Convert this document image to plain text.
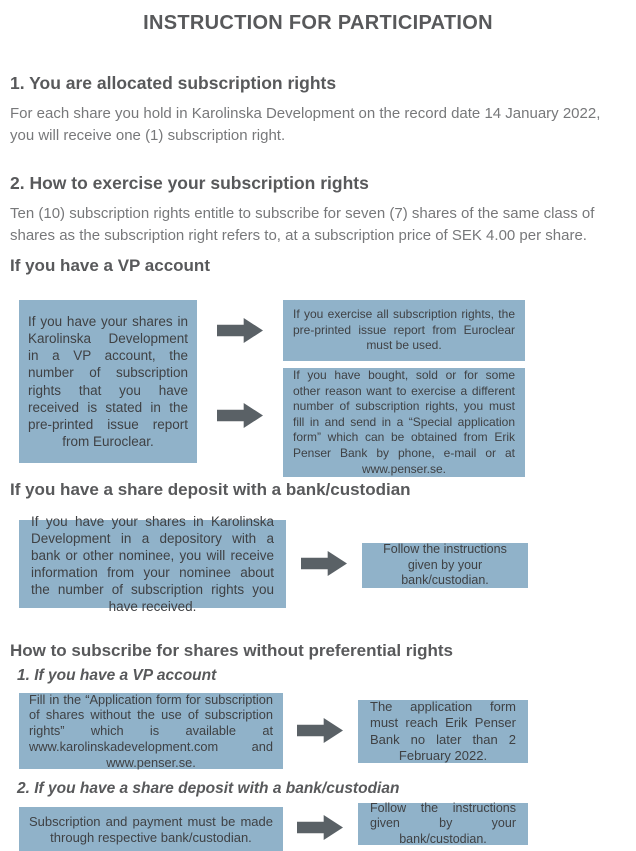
INSTRUCTION FOR PARTICIPATION
1. You are allocated subscription rights

For each share you hold in Karolinska Development on the record date 14 January 2022, you will receive one (1) subscription right.

2. How to exercise your subscription rights

Ten (10) subscription rights entitle to subscribe for seven (7) shares of the same class of shares as the subscription right refers to, at a subscription price of SEK 4.00 per share.

If you have a VP account

If you have your shares in Karolinska Development in a VP account, the number of subscription rights that you have received is stated in the pre-printed issue report from Euroclear.

If you exercise all subscription rights, the pre-printed issue report from Euroclear must be used.

If you have bought, sold or for some other reason want to exercise a different number of subscription rights, you must fill in and send in a “Special application form” which can be obtained from Erik Penser Bank by phone, e-mail or at www.penser.se.

If you have a share deposit with a bank/custodian

If you have your shares in Karolinska Development in a depository with a bank or other nominee, you will receive information from your nominee about the number of subscription rights you have received.

Follow the instructions given by your bank/custodian.

How to subscribe for shares without preferential rights
1. If you have a VP account

Fill in the “Application form for subscription of shares without the use of subscription rights” which is available at www.karolinskadevelopment.com and www.penser.se.

The application form must reach Erik Penser Bank no later than 2 February 2022.

2. If you have a share deposit with a bank/custodian

Subscription and payment must be made through respective bank/custodian.

Follow the instructions given by your bank/custodian.
